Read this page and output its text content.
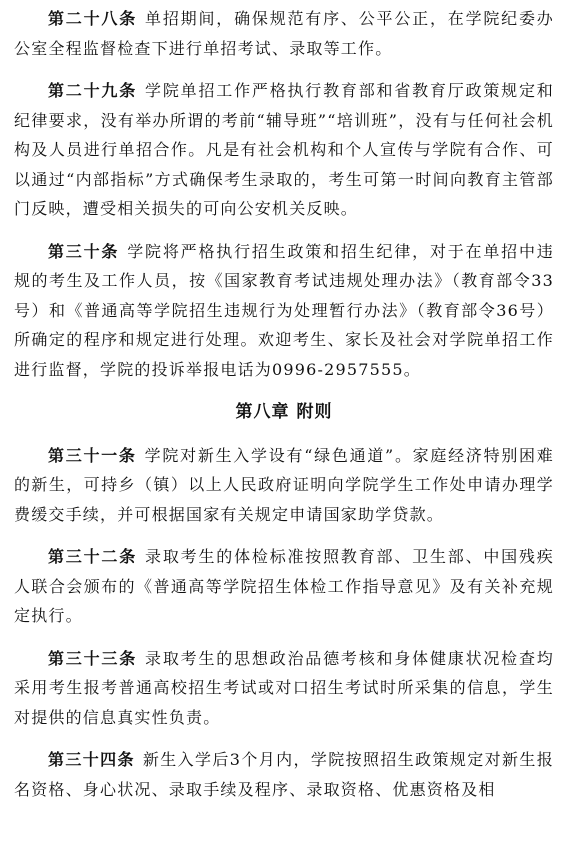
第二十八条 单招期间，确保规范有序、公平公正，在学院纪委办公室全程监督检查下进行单招考试、录取等工作。

第二十九条 学院单招工作严格执行教育部和省教育厅政策规定和纪律要求，没有举办所谓的考前“辅导班”“培训班”，没有与任何社会机构及人员进行单招合作。凡是有社会机构和个人宣传与学院有合作、可以通过“内部指标”方式确保考生录取的，考生可第一时间向教育主管部门反映，遭受相关损失的可向公安机关反映。

第三十条 学院将严格执行招生政策和招生纪律，对于在单招中违规的考生及工作人员，按《国家教育考试违规处理办法》（教育部令33号）和《普通高等学院招生违规行为处理暂行办法》（教育部令36号）所确定的程序和规定进行处理。欢迎考生、家长及社会对学院单招工作进行监督，学院的投诉举报电话为0996-2957555。

第八章 附则

第三十一条 学院对新生入学设有“绿色通道”。家庭经济特别困难的新生，可持乡（镇）以上人民政府证明向学院学生工作处申请办理学费缓交手续，并可根据国家有关规定申请国家助学贷款。

第三十二条 录取考生的体检标准按照教育部、卫生部、中国残疾人联合会颁布的《普通高等学院招生体检工作指导意见》及有关补充规定执行。

第三十三条 录取考生的思想政治品德考核和身体健康状况检查均采用考生报考普通高校招生考试或对口招生考试时所采集的信息，学生对提供的信息真实性负责。

第三十四条 新生入学后3个月内，学院按照招生政策规定对新生报名资格、身心状况、录取手续及程序、录取资格、优惠资格及相
